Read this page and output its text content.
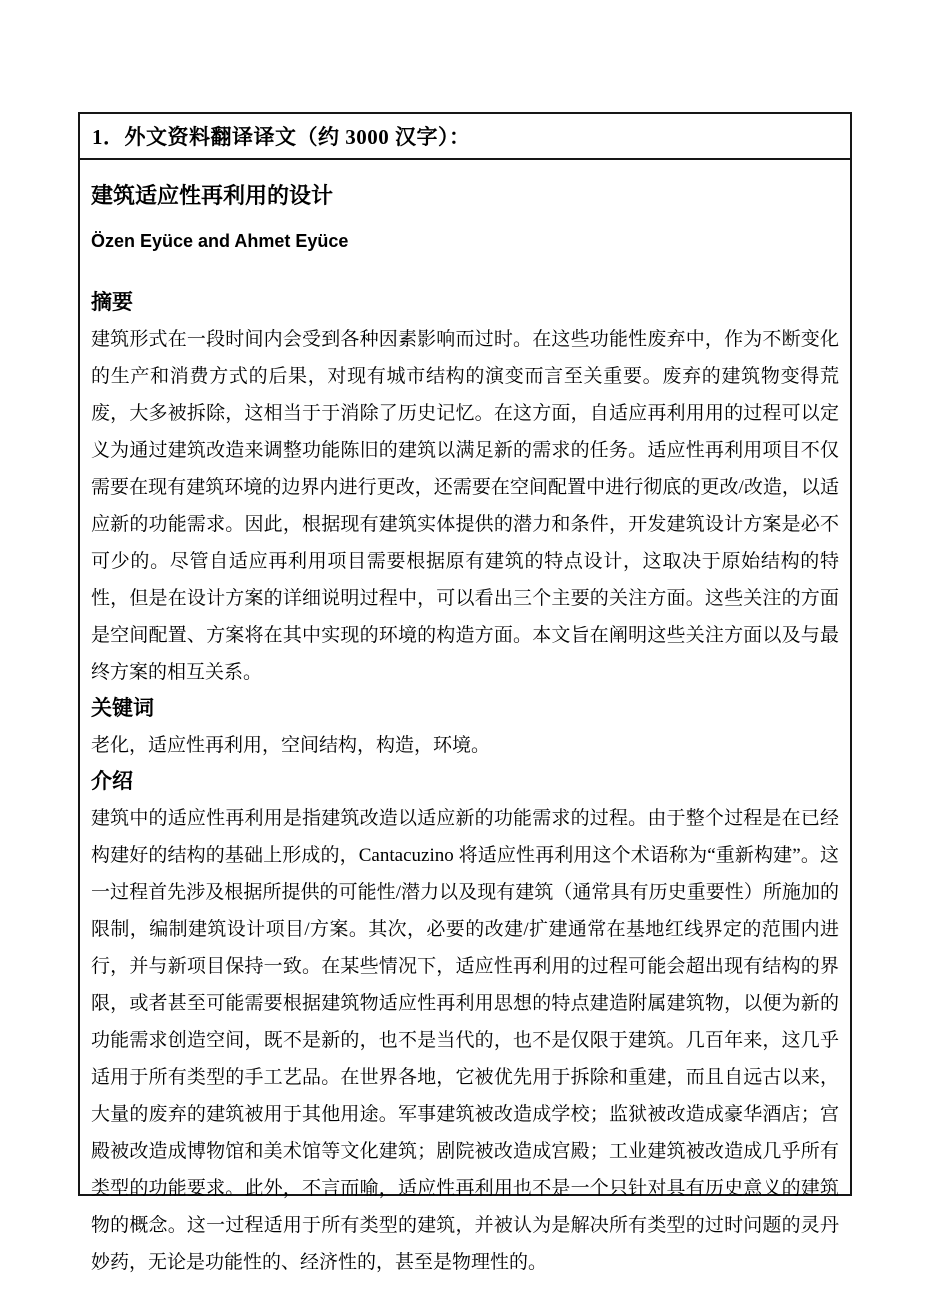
1．外文资料翻译译文（约 3000 汉字）：
建筑适应性再利用的设计
Özen Eyüce and Ahmet Eyüce
摘要

建筑形式在一段时间内会受到各种因素影响而过时。在这些功能性废弃中，作为不断变化的生产和消费方式的后果，对现有城市结构的演变而言至关重要。废弃的建筑物变得荒废，大多被拆除，这相当于于消除了历史记忆。在这方面，自适应再利用用的过程可以定义为通过建筑改造来调整功能陈旧的建筑以满足新的需求的任务。适应性再利用项目不仅需要在现有建筑环境的边界内进行更改，还需要在空间配置中进行彻底的更改/改造，以适应新的功能需求。因此，根据现有建筑实体提供的潜力和条件，开发建筑设计方案是必不可少的。尽管自适应再利用项目需要根据原有建筑的特点设计，这取决于原始结构的特性，但是在设计方案的详细说明过程中，可以看出三个主要的关注方面。这些关注的方面是空间配置、方案将在其中实现的环境的构造方面。本文旨在阐明这些关注方面以及与最终方案的相互关系。

关键词

老化，适应性再利用，空间结构，构造，环境。

介绍

建筑中的适应性再利用是指建筑改造以适应新的功能需求的过程。由于整个过程是在已经构建好的结构的基础上形成的，Cantacuzino 将适应性再利用这个术语称为“重新构建”。这一过程首先涉及根据所提供的可能性/潜力以及现有建筑（通常具有历史重要性）所施加的限制，编制建筑设计项目/方案。其次，必要的改建/扩建通常在基地红线界定的范围内进行，并与新项目保持一致。在某些情况下，适应性再利用的过程可能会超出现有结构的界限，或者甚至可能需要根据建筑物适应性再利用思想的特点建造附属建筑物，以便为新的功能需求创造空间，既不是新的，也不是当代的，也不是仅限于建筑。几百年来，这几乎适用于所有类型的手工艺品。在世界各地，它被优先用于拆除和重建，而且自远古以来，大量的废弃的建筑被用于其他用途。军事建筑被改造成学校；监狱被改造成豪华酒店；宫殿被改造成博物馆和美术馆等文化建筑；剧院被改造成宫殿；工业建筑被改造成几乎所有类型的功能要求。此外，不言而喻，适应性再利用也不是一个只针对具有历史意义的建筑物的概念。这一过程适用于所有类型的建筑，并被认为是解决所有类型的过时问题的灵丹妙药，无论是功能性的、经济性的，甚至是物理性的。
